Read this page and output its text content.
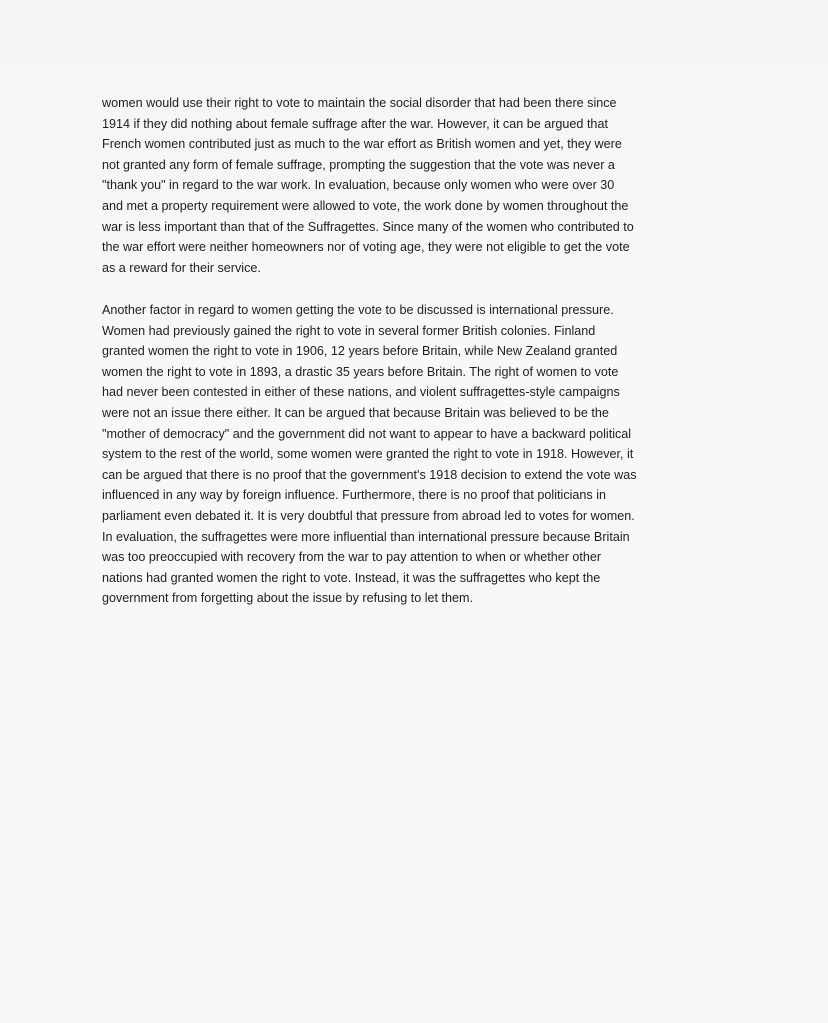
women would use their right to vote to maintain the social disorder that had been there since
1914 if they did nothing about female suffrage after the war. However, it can be argued that
French women contributed just as much to the war effort as British women and yet, they were
not granted any form of female suffrage, prompting the suggestion that the vote was never a
"thank you" in regard to the war work. In evaluation, because only women who were over 30
and met a property requirement were allowed to vote, the work done by women throughout the
war is less important than that of the Suffragettes. Since many of the women who contributed to
the war effort were neither homeowners nor of voting age, they were not eligible to get the vote
as a reward for their service.
Another factor in regard to women getting the vote to be discussed is international pressure.
Women had previously gained the right to vote in several former British colonies. Finland
granted women the right to vote in 1906, 12 years before Britain, while New Zealand granted
women the right to vote in 1893, a drastic 35 years before Britain. The right of women to vote
had never been contested in either of these nations, and violent suffragettes-style campaigns
were not an issue there either. It can be argued that because Britain was believed to be the
"mother of democracy" and the government did not want to appear to have a backward political
system to the rest of the world, some women were granted the right to vote in 1918. However, it
can be argued that there is no proof that the government's 1918 decision to extend the vote was
influenced in any way by foreign influence. Furthermore, there is no proof that politicians in
parliament even debated it. It is very doubtful that pressure from abroad led to votes for women.
In evaluation, the suffragettes were more influential than international pressure because Britain
was too preoccupied with recovery from the war to pay attention to when or whether other
nations had granted women the right to vote. Instead, it was the suffragettes who kept the
government from forgetting about the issue by refusing to let them.
